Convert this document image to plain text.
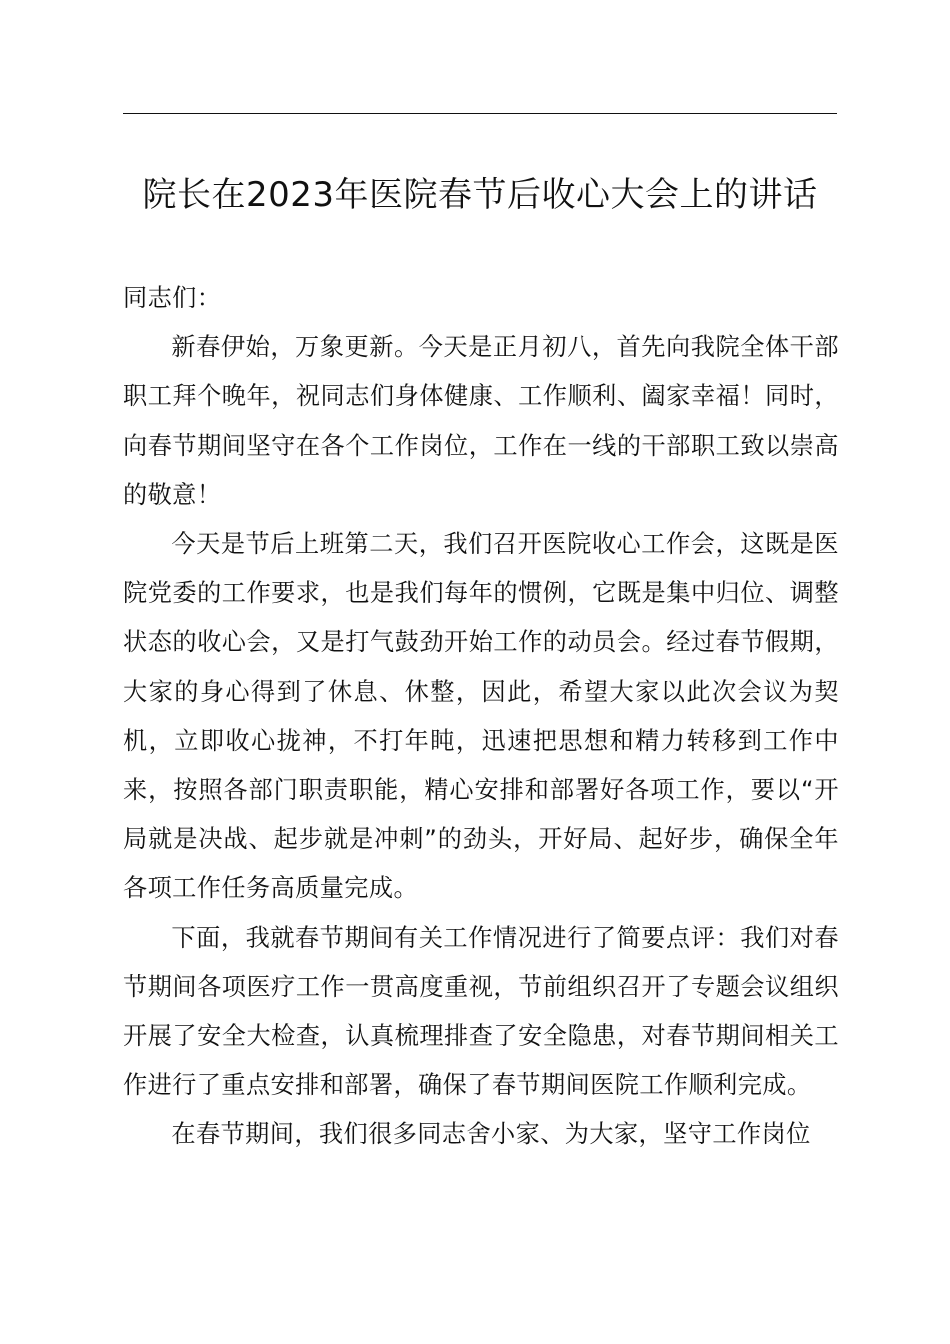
院长在2023年医院春节后收心大会上的讲话

同志们：

新春伊始，万象更新。今天是正月初八，首先向我院全体干部职工拜个晚年，祝同志们身体健康、工作顺利、阖家幸福！同时，向春节期间坚守在各个工作岗位，工作在一线的干部职工致以崇高的敬意！

今天是节后上班第二天，我们召开医院收心工作会，这既是医院党委的工作要求，也是我们每年的惯例，它既是集中归位、调整状态的收心会，又是打气鼓劲开始工作的动员会。经过春节假期，大家的身心得到了休息、休整，因此，希望大家以此次会议为契机，立即收心拢神，不打年盹，迅速把思想和精力转移到工作中来，按照各部门职责职能，精心安排和部署好各项工作，要以“开局就是决战、起步就是冲刺”的劲头，开好局、起好步，确保全年各项工作任务高质量完成。

下面，我就春节期间有关工作情况进行了简要点评：我们对春节期间各项医疗工作一贯高度重视，节前组织召开了专题会议组织开展了安全大检查，认真梳理排查了安全隐患，对春节期间相关工作进行了重点安排和部署，确保了春节期间医院工作顺利完成。

在春节期间，我们很多同志舍小家、为大家，坚守工作岗位
